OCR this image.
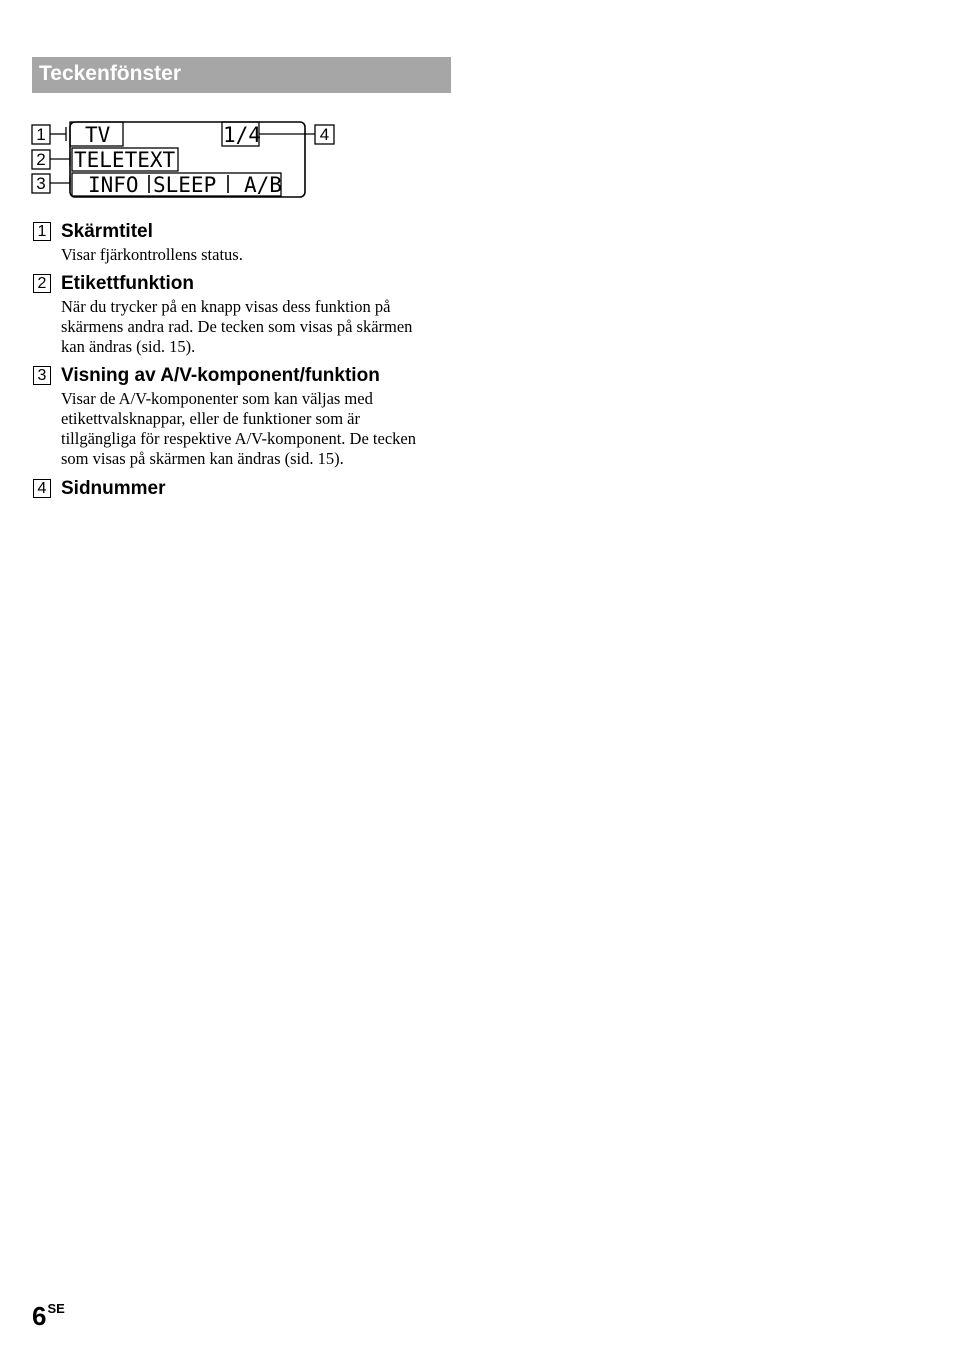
Teckenfönster
1
2
3
4
TV	1/4
TELETEXT
INFO SLEEP A/B
1 Skärmtitel
Visar fjärkontrollens status.
2 Etikettfunktion
När du trycker på en knapp visas dess funktion på
skärmens andra rad. De tecken som visas på skärmen
kan ändras (sid. 15).
3 Visning av A/V-komponent/funktion
Visar de A/V-komponenter som kan väljas med
etikettvalsknappar, eller de funktioner som är
tillgängliga för respektive A/V-komponent. De tecken
som visas på skärmen kan ändras (sid. 15).
4 Sidnummer
$6^{SE}$
